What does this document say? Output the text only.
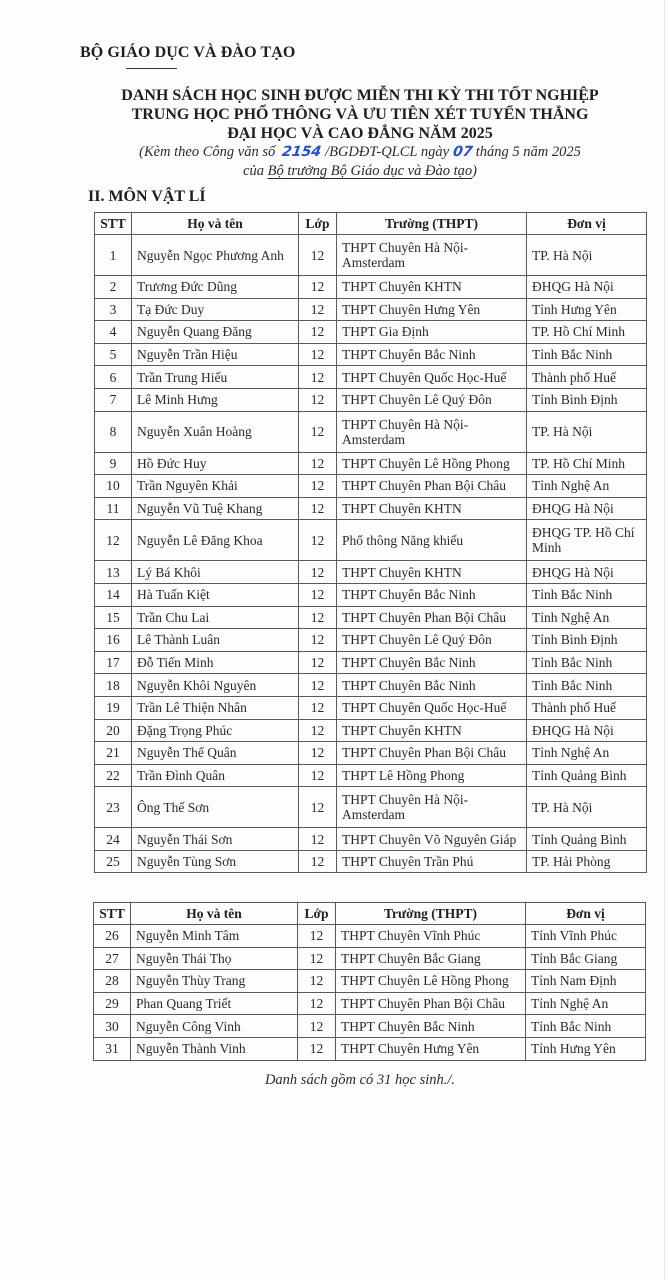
BỘ GIÁO DỤC VÀ ĐÀO TẠO
DANH SÁCH HỌC SINH ĐƯỢC MIỄN THI KỲ THI TỐT NGHIỆP
TRUNG HỌC PHỔ THÔNG VÀ ƯU TIÊN XÉT TUYỂN THẲNG
ĐẠI HỌC VÀ CAO ĐẲNG NĂM 2025
(Kèm theo Công văn số 2154 /BGDĐT-QLCL ngày 07 tháng 5 năm 2025
của Bộ trưởng Bộ Giáo dục và Đào tạo)
II. MÔN VẬT LÍ
STT	Họ và tên	Lớp	Trường (THPT)	Đơn vị
1	Nguyễn Ngọc Phương Anh	12	THPT Chuyên Hà Nội-Amsterdam	TP. Hà Nội
2	Trương Đức Dũng	12	THPT Chuyên KHTN	ĐHQG Hà Nội
3	Tạ Đức Duy	12	THPT Chuyên Hưng Yên	Tỉnh Hưng Yên
4	Nguyễn Quang Đăng	12	THPT Gia Định	TP. Hồ Chí Minh
5	Nguyễn Trần Hiệu	12	THPT Chuyên Bắc Ninh	Tỉnh Bắc Ninh
6	Trần Trung Hiếu	12	THPT Chuyên Quốc Học-Huế	Thành phố Huế
7	Lê Minh Hưng	12	THPT Chuyên Lê Quý Đôn	Tỉnh Bình Định
8	Nguyễn Xuân Hoàng	12	THPT Chuyên Hà Nội-Amsterdam	TP. Hà Nội
9	Hồ Đức Huy	12	THPT Chuyên Lê Hồng Phong	TP. Hồ Chí Minh
10	Trần Nguyên Khải	12	THPT Chuyên Phan Bội Châu	Tỉnh Nghệ An
11	Nguyễn Vũ Tuệ Khang	12	THPT Chuyên KHTN	ĐHQG Hà Nội
12	Nguyễn Lê Đăng Khoa	12	Phổ thông Năng khiếu	ĐHQG TP. Hồ Chí Minh
13	Lý Bá Khôi	12	THPT Chuyên KHTN	ĐHQG Hà Nội
14	Hà Tuấn Kiệt	12	THPT Chuyên Bắc Ninh	Tỉnh Bắc Ninh
15	Trần Chu Lai	12	THPT Chuyên Phan Bội Châu	Tỉnh Nghệ An
16	Lê Thành Luân	12	THPT Chuyên Lê Quý Đôn	Tỉnh Bình Định
17	Đỗ Tiến Minh	12	THPT Chuyên Bắc Ninh	Tỉnh Bắc Ninh
18	Nguyễn Khôi Nguyên	12	THPT Chuyên Bắc Ninh	Tỉnh Bắc Ninh
19	Trần Lê Thiện Nhân	12	THPT Chuyên Quốc Học-Huế	Thành phố Huế
20	Đặng Trọng Phúc	12	THPT Chuyên KHTN	ĐHQG Hà Nội
21	Nguyễn Thế Quân	12	THPT Chuyên Phan Bội Châu	Tỉnh Nghệ An
22	Trần Đình Quân	12	THPT Lê Hồng Phong	Tỉnh Quảng Bình
23	Ông Thế Sơn	12	THPT Chuyên Hà Nội-Amsterdam	TP. Hà Nội
24	Nguyễn Thái Sơn	12	THPT Chuyên Võ Nguyên Giáp	Tỉnh Quảng Bình
25	Nguyễn Tùng Sơn	12	THPT Chuyên Trần Phú	TP. Hải Phòng
STT	Họ và tên	Lớp	Trường (THPT)	Đơn vị
26	Nguyễn Minh Tâm	12	THPT Chuyên Vĩnh Phúc	Tỉnh Vĩnh Phúc
27	Nguyễn Thái Thọ	12	THPT Chuyên Bắc Giang	Tỉnh Bắc Giang
28	Nguyễn Thùy Trang	12	THPT Chuyên Lê Hồng Phong	Tỉnh Nam Định
29	Phan Quang Triết	12	THPT Chuyên Phan Bội Châu	Tỉnh Nghệ An
30	Nguyễn Công Vinh	12	THPT Chuyên Bắc Ninh	Tỉnh Bắc Ninh
31	Nguyễn Thành Vinh	12	THPT Chuyên Hưng Yên	Tỉnh Hưng Yên
Danh sách gồm có 31 học sinh./.
